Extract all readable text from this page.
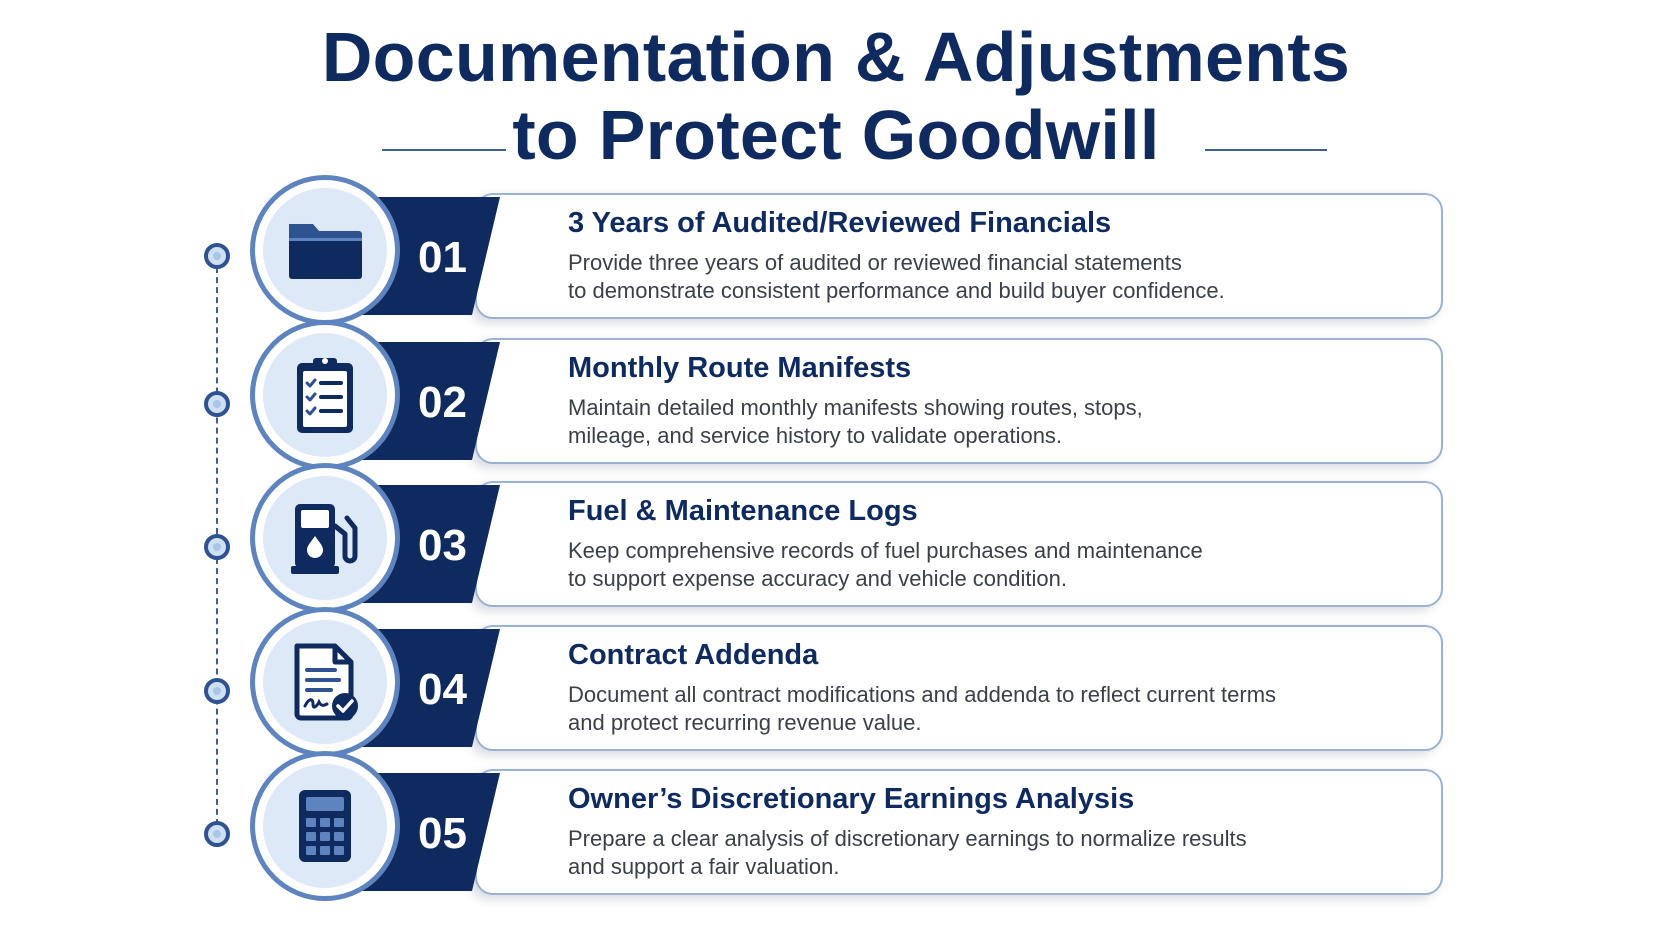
Documentation & Adjustments
to Protect Goodwill
01
3 Years of Audited/Reviewed Financials
Provide three years of audited or reviewed financial statements
to demonstrate consistent performance and build buyer confidence.
02
Monthly Route Manifests
Maintain detailed monthly manifests showing routes, stops,
mileage, and service history to validate operations.
03
Fuel & Maintenance Logs
Keep comprehensive records of fuel purchases and maintenance
to support expense accuracy and vehicle condition.
04
Contract Addenda
Document all contract modifications and addenda to reflect current terms
and protect recurring revenue value.
05
Owner’s Discretionary Earnings Analysis
Prepare a clear analysis of discretionary earnings to normalize results
and support a fair valuation.
